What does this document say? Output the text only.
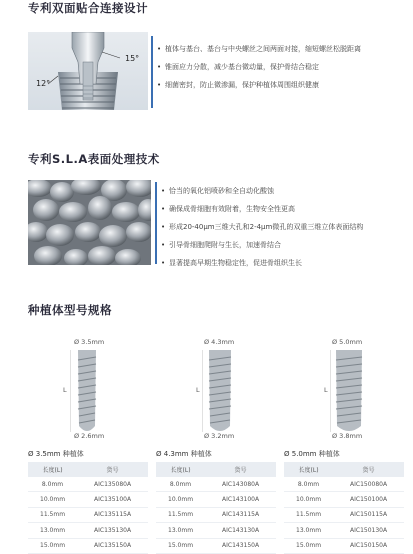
专利双面贴合连接设计
15°
12°
• 植体与基台、基台与中央螺丝之间两面对接，缩短螺丝松脱距离
• 锥面应力分散，减少基台微动量，保护骨结合稳定
• 细菌密封，防止微渗漏，保护种植体周围组织健康
专利S.L.A表面处理技术
• 恰当的氧化铝喷砂和全自动化酸蚀
• 确保成骨细胞有效附着，生物安全性更高
• 形成20-40μm三维大孔和2-4μm微孔的双重三维立体表面结构
• 引导骨细胞爬附与生长，加速骨结合
• 显著提高早期生物稳定性，促进骨组织生长
种植体型号规格
Ø 3.5mm
L
Ø 2.6mm
Ø 4.3mm
L
Ø 3.2mm
Ø 5.0mm
L
Ø 3.8mm
Ø 3.5mm 种植体
长度(L)	货号
8.0mm	AIC135080A
10.0mm	AIC135100A
11.5mm	AIC135115A
13.0mm	AIC135130A
15.0mm	AIC135150A
Ø 4.3mm 种植体
长度(L)	货号
8.0mm	AIC143080A
10.0mm	AIC143100A
11.5mm	AIC143115A
13.0mm	AIC143130A
15.0mm	AIC143150A
Ø 5.0mm 种植体
长度(L)	货号
8.0mm	AIC150080A
10.0mm	AIC150100A
11.5mm	AIC150115A
13.0mm	AIC150130A
15.0mm	AIC150150A
